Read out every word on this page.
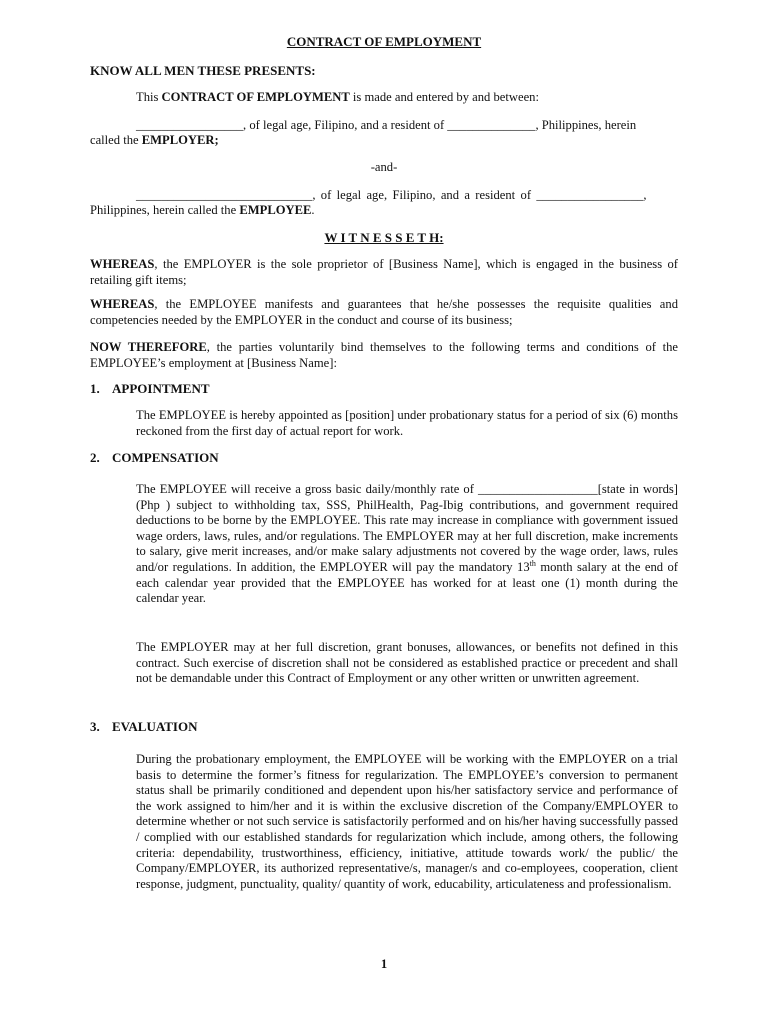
CONTRACT OF EMPLOYMENT
KNOW ALL MEN THESE PRESENTS:
This CONTRACT OF EMPLOYMENT is made and entered by and between:
_________________, of legal age, Filipino, and a resident of ______________, Philippines, herein
called the EMPLOYER;
-and-
____________________________, of legal age, Filipino, and a resident of _________________,
Philippines, herein called the EMPLOYEE.
W I T N E S S E T H:
WHEREAS, the EMPLOYER is the sole proprietor of [Business Name], which is engaged in the business of retailing gift items;
WHEREAS, the EMPLOYEE manifests and guarantees that he/she possesses the requisite qualities and competencies needed by the EMPLOYER in the conduct and course of its business;
NOW THEREFORE, the parties voluntarily bind themselves to the following terms and conditions of the EMPLOYEE’s employment at [Business Name]:
1. APPOINTMENT
The EMPLOYEE is hereby appointed as [position] under probationary status for a period of six (6) months reckoned from the first day of actual report for work.
2. COMPENSATION
The EMPLOYEE will receive a gross basic daily/monthly rate of ___________________[state in words] (Php ) subject to withholding tax, SSS, PhilHealth, Pag-Ibig contributions, and government required deductions to be borne by the EMPLOYEE. This rate may increase in compliance with government issued wage orders, laws, rules, and/or regulations. The EMPLOYER may at her full discretion, make increments to salary, give merit increases, and/or make salary adjustments not covered by the wage order, laws, rules and/or regulations. In addition, the EMPLOYER will pay the mandatory 13th month salary at the end of each calendar year provided that the EMPLOYEE has worked for at least one (1) month during the calendar year.
The EMPLOYER may at her full discretion, grant bonuses, allowances, or benefits not defined in this contract. Such exercise of discretion shall not be considered as established practice or precedent and shall not be demandable under this Contract of Employment or any other written or unwritten agreement.
3. EVALUATION
During the probationary employment, the EMPLOYEE will be working with the EMPLOYER on a trial basis to determine the former’s fitness for regularization. The EMPLOYEE’s conversion to permanent status shall be primarily conditioned and dependent upon his/her satisfactory service and performance of the work assigned to him/her and it is within the exclusive discretion of the Company/EMPLOYER to determine whether or not such service is satisfactorily performed and on his/her having successfully passed / complied with our established standards for regularization which include, among others, the following criteria: dependability, trustworthiness, efficiency, initiative, attitude towards work/ the public/ the Company/EMPLOYER, its authorized representative/s, manager/s and co-employees, cooperation, client response, judgment, punctuality, quality/ quantity of work, educability, articulateness and professionalism.
1
